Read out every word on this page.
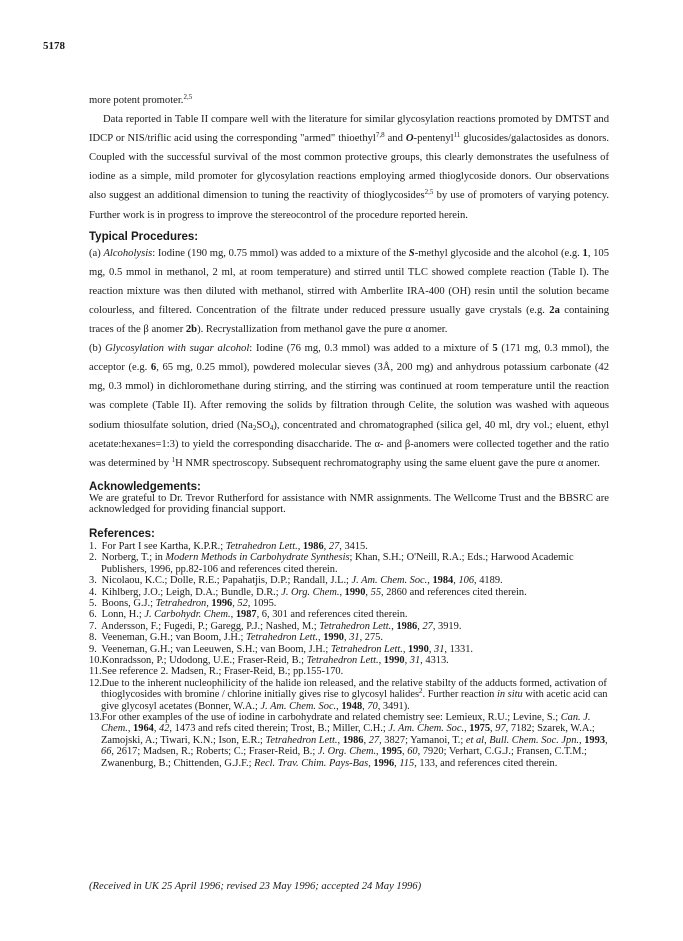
5178

more potent promoter.$^{2,5}$

Data reported in Table II compare well with the literature for similar glycosylation reactions promoted by DMTST and IDCP or NIS/triflic acid using the corresponding "armed" thioethyl$^{7,8}$ and O-pentenyl$^{11}$ glucosides/galactosides as donors. Coupled with the successful survival of the most common protective groups, this clearly demonstrates the usefulness of iodine as a simple, mild promoter for glycosylation reactions employing armed thioglycoside donors. Our observations also suggest an additional dimension to tuning the reactivity of thioglycosides$^{2,5}$ by use of promoters of varying potency. Further work is in progress to improve the stereocontrol of the procedure reported herein.

Typical Procedures:

(a) Alcoholysis: Iodine (190 mg, 0.75 mmol) was added to a mixture of the S-methyl glycoside and the alcohol (e.g. 1, 105 mg, 0.5 mmol in methanol, 2 ml, at room temperature) and stirred until TLC showed complete reaction (Table I). The reaction mixture was then diluted with methanol, stirred with Amberlite IRA-400 (OH) resin until the solution became colourless, and filtered. Concentration of the filtrate under reduced pressure usually gave crystals (e.g. 2a containing traces of the β anomer 2b). Recrystallization from methanol gave the pure α anomer.

(b) Glycosylation with sugar alcohol: Iodine (76 mg, 0.3 mmol) was added to a mixture of 5 (171 mg, 0.3 mmol), the acceptor (e.g. 6, 65 mg, 0.25 mmol), powdered molecular sieves (3Å, 200 mg) and anhydrous potassium carbonate (42 mg, 0.3 mmol) in dichloromethane during stirring, and the stirring was continued at room temperature until the reaction was complete (Table II). After removing the solids by filtration through Celite, the solution was washed with aqueous sodium thiosulfate solution, dried $(Na_2SO_4)$, concentrated and chromatographed (silica gel, 40 ml, dry vol.; eluent, ethyl acetate:hexanes=1:3) to yield the corresponding disaccharide. The α- and β-anomers were collected together and the ratio was determined by $^1$H NMR spectroscopy. Subsequent rechromatography using the same eluent gave the pure α anomer.

Acknowledgements:

We are grateful to Dr. Trevor Rutherford for assistance with NMR assignments. The Wellcome Trust and the BBSRC are acknowledged for providing financial support.

References:
1. For Part I see Kartha, K.P.R.; Tetrahedron Lett., 1986, 27, 3415.
2. Norberg, T.; in Modern Methods in Carbohydrate Synthesis; Khan, S.H.; O'Neill, R.A.; Eds.; Harwood Academic Publishers, 1996, pp.82-106 and references cited therein.
3. Nicolaou, K.C.; Dolle, R.E.; Papahatjis, D.P.; Randall, J.L.; J. Am. Chem. Soc., 1984, 106, 4189.
4. Kihlberg, J.O.; Leigh, D.A.; Bundle, D.R.; J. Org. Chem., 1990, 55, 2860 and references cited therein.
5. Boons, G.J.; Tetrahedron, 1996, 52, 1095.
6. Lonn, H.; J. Carbohydr. Chem., 1987, 6, 301 and references cited therein.
7. Andersson, F.; Fugedi, P.; Garegg, P.J.; Nashed, M.; Tetrahedron Lett., 1986, 27, 3919.
8. Veeneman, G.H.; van Boom, J.H.; Tetrahedron Lett., 1990, 31, 275.
9. Veeneman, G.H.; van Leeuwen, S.H.; van Boom, J.H.; Tetrahedron Lett., 1990, 31, 1331.
10. Konradsson, P.; Udodong, U.E.; Fraser-Reid, B.; Tetrahedron Lett., 1990, 31, 4313.
11. See reference 2. Madsen, R.; Fraser-Reid, B.; pp.155-170.
12. Due to the inherent nucleophilicity of the halide ion released, and the relative stabilty of the adducts formed, activation of thioglycosides with bromine / chlorine initially gives rise to glycosyl halides$^2$. Further reaction in situ with acetic acid can give glycosyl acetates (Bonner, W.A.; J. Am. Chem. Soc., 1948, 70, 3491).
13. For other examples of the use of iodine in carbohydrate and related chemistry see: Lemieux, R.U.; Levine, S.; Can. J. Chem., 1964, 42, 1473 and refs cited therein; Trost, B.; Miller, C.H.; J. Am. Chem. Soc., 1975, 97, 7182; Szarek, W.A.; Zamojski, A.; Tiwari, K.N.; Ison, E.R.; Tetrahedron Lett., 1986, 27, 3827; Yamanoi, T.; et al, Bull. Chem. Soc. Jpn., 1993, 66, 2617; Madsen, R.; Roberts; C.; Fraser-Reid, B.; J. Org. Chem., 1995, 60, 7920; Verhart, C.G.J.; Fransen, C.T.M.; Zwanenburg, B.; Chittenden, G.J.F.; Recl. Trav. Chim. Pays-Bas, 1996, 115, 133, and references cited therein.
(Received in UK 25 April 1996; revised 23 May 1996; accepted 24 May 1996)
